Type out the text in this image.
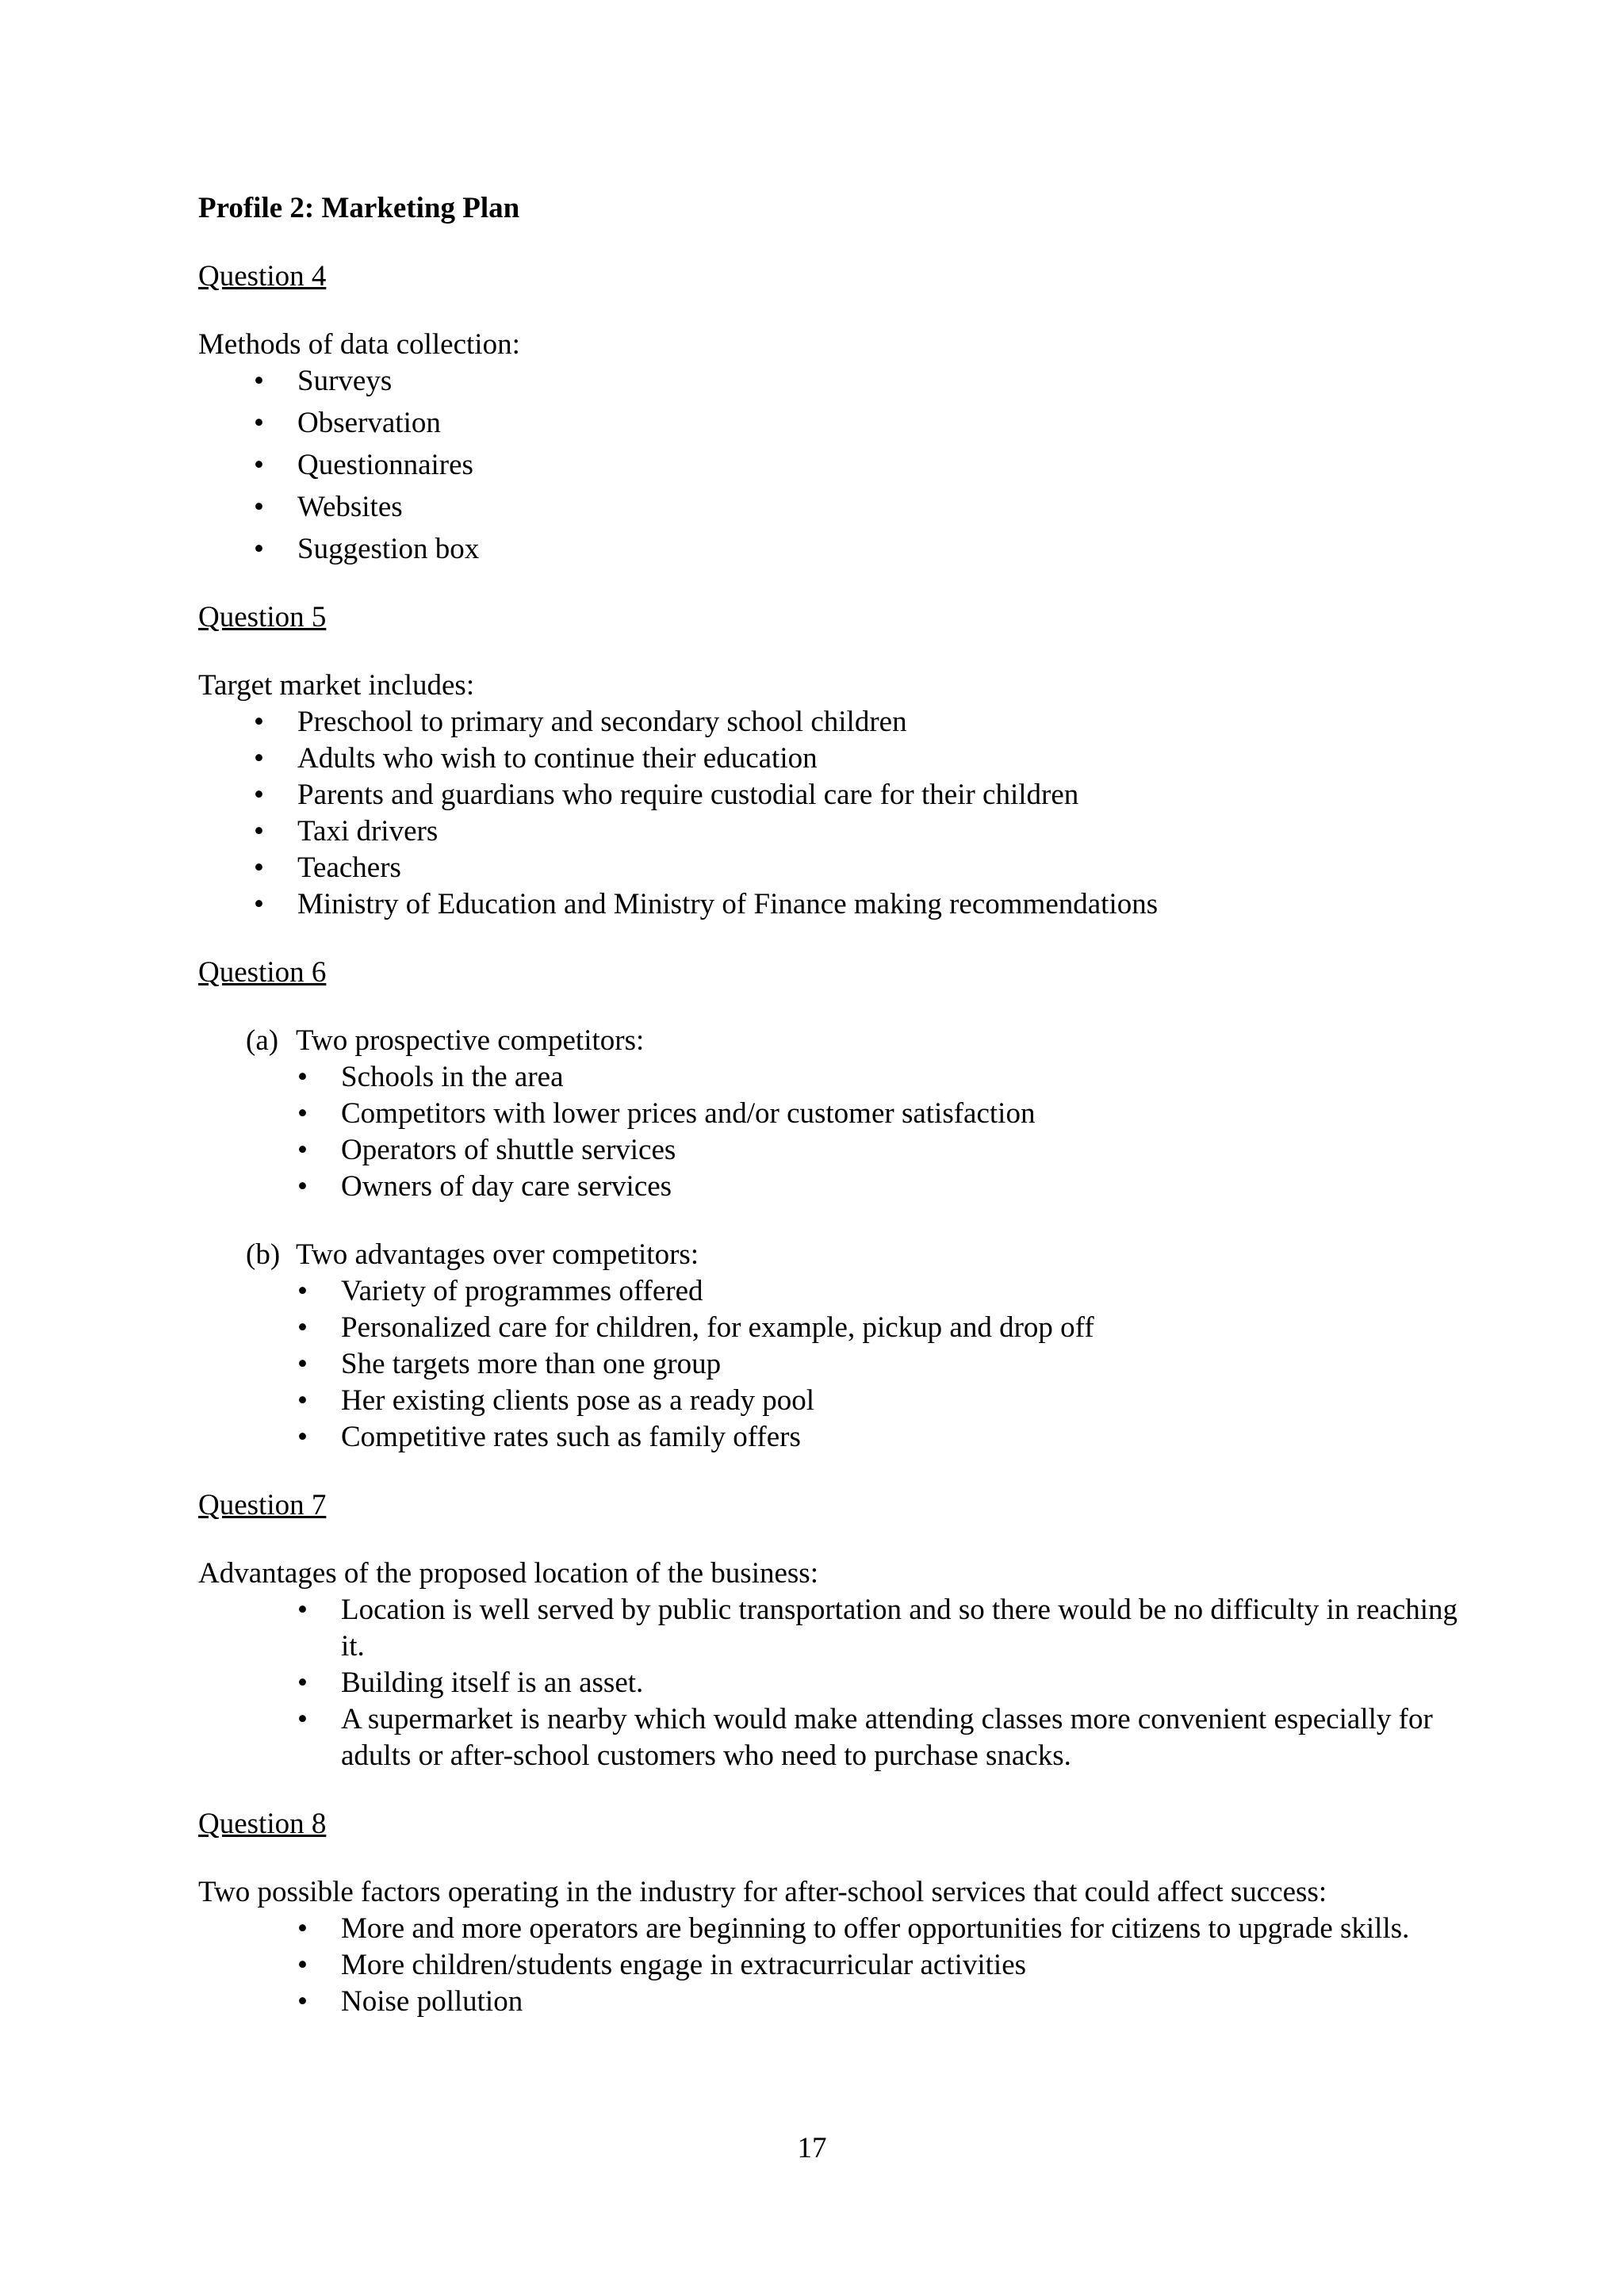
Profile 2: Marketing Plan

Question 4

Methods of data collection:

• Surveys
• Observation
• Questionnaires
• Websites
• Suggestion box

Question 5

Target market includes:

• Preschool to primary and secondary school children
• Adults who wish to continue their education
• Parents and guardians who require custodial care for their children
• Taxi drivers
• Teachers
• Ministry of Education and Ministry of Finance making recommendations

Question 6

(a) Two prospective competitors:
• Schools in the area
• Competitors with lower prices and/or customer satisfaction
• Operators of shuttle services
• Owners of day care services
(b) Two advantages over competitors:
• Variety of programmes offered
• Personalized care for children, for example, pickup and drop off
• She targets more than one group
• Her existing clients pose as a ready pool
• Competitive rates such as family offers

Question 7

Advantages of the proposed location of the business:

• Location is well served by public transportation and so there would be no difficulty in reaching it.
• Building itself is an asset.
• A supermarket is nearby which would make attending classes more convenient especially for adults or after-school customers who need to purchase snacks.

Question 8

Two possible factors operating in the industry for after-school services that could affect success:

• More and more operators are beginning to offer opportunities for citizens to upgrade skills.
• More children/students engage in extracurricular activities
• Noise pollution
17
